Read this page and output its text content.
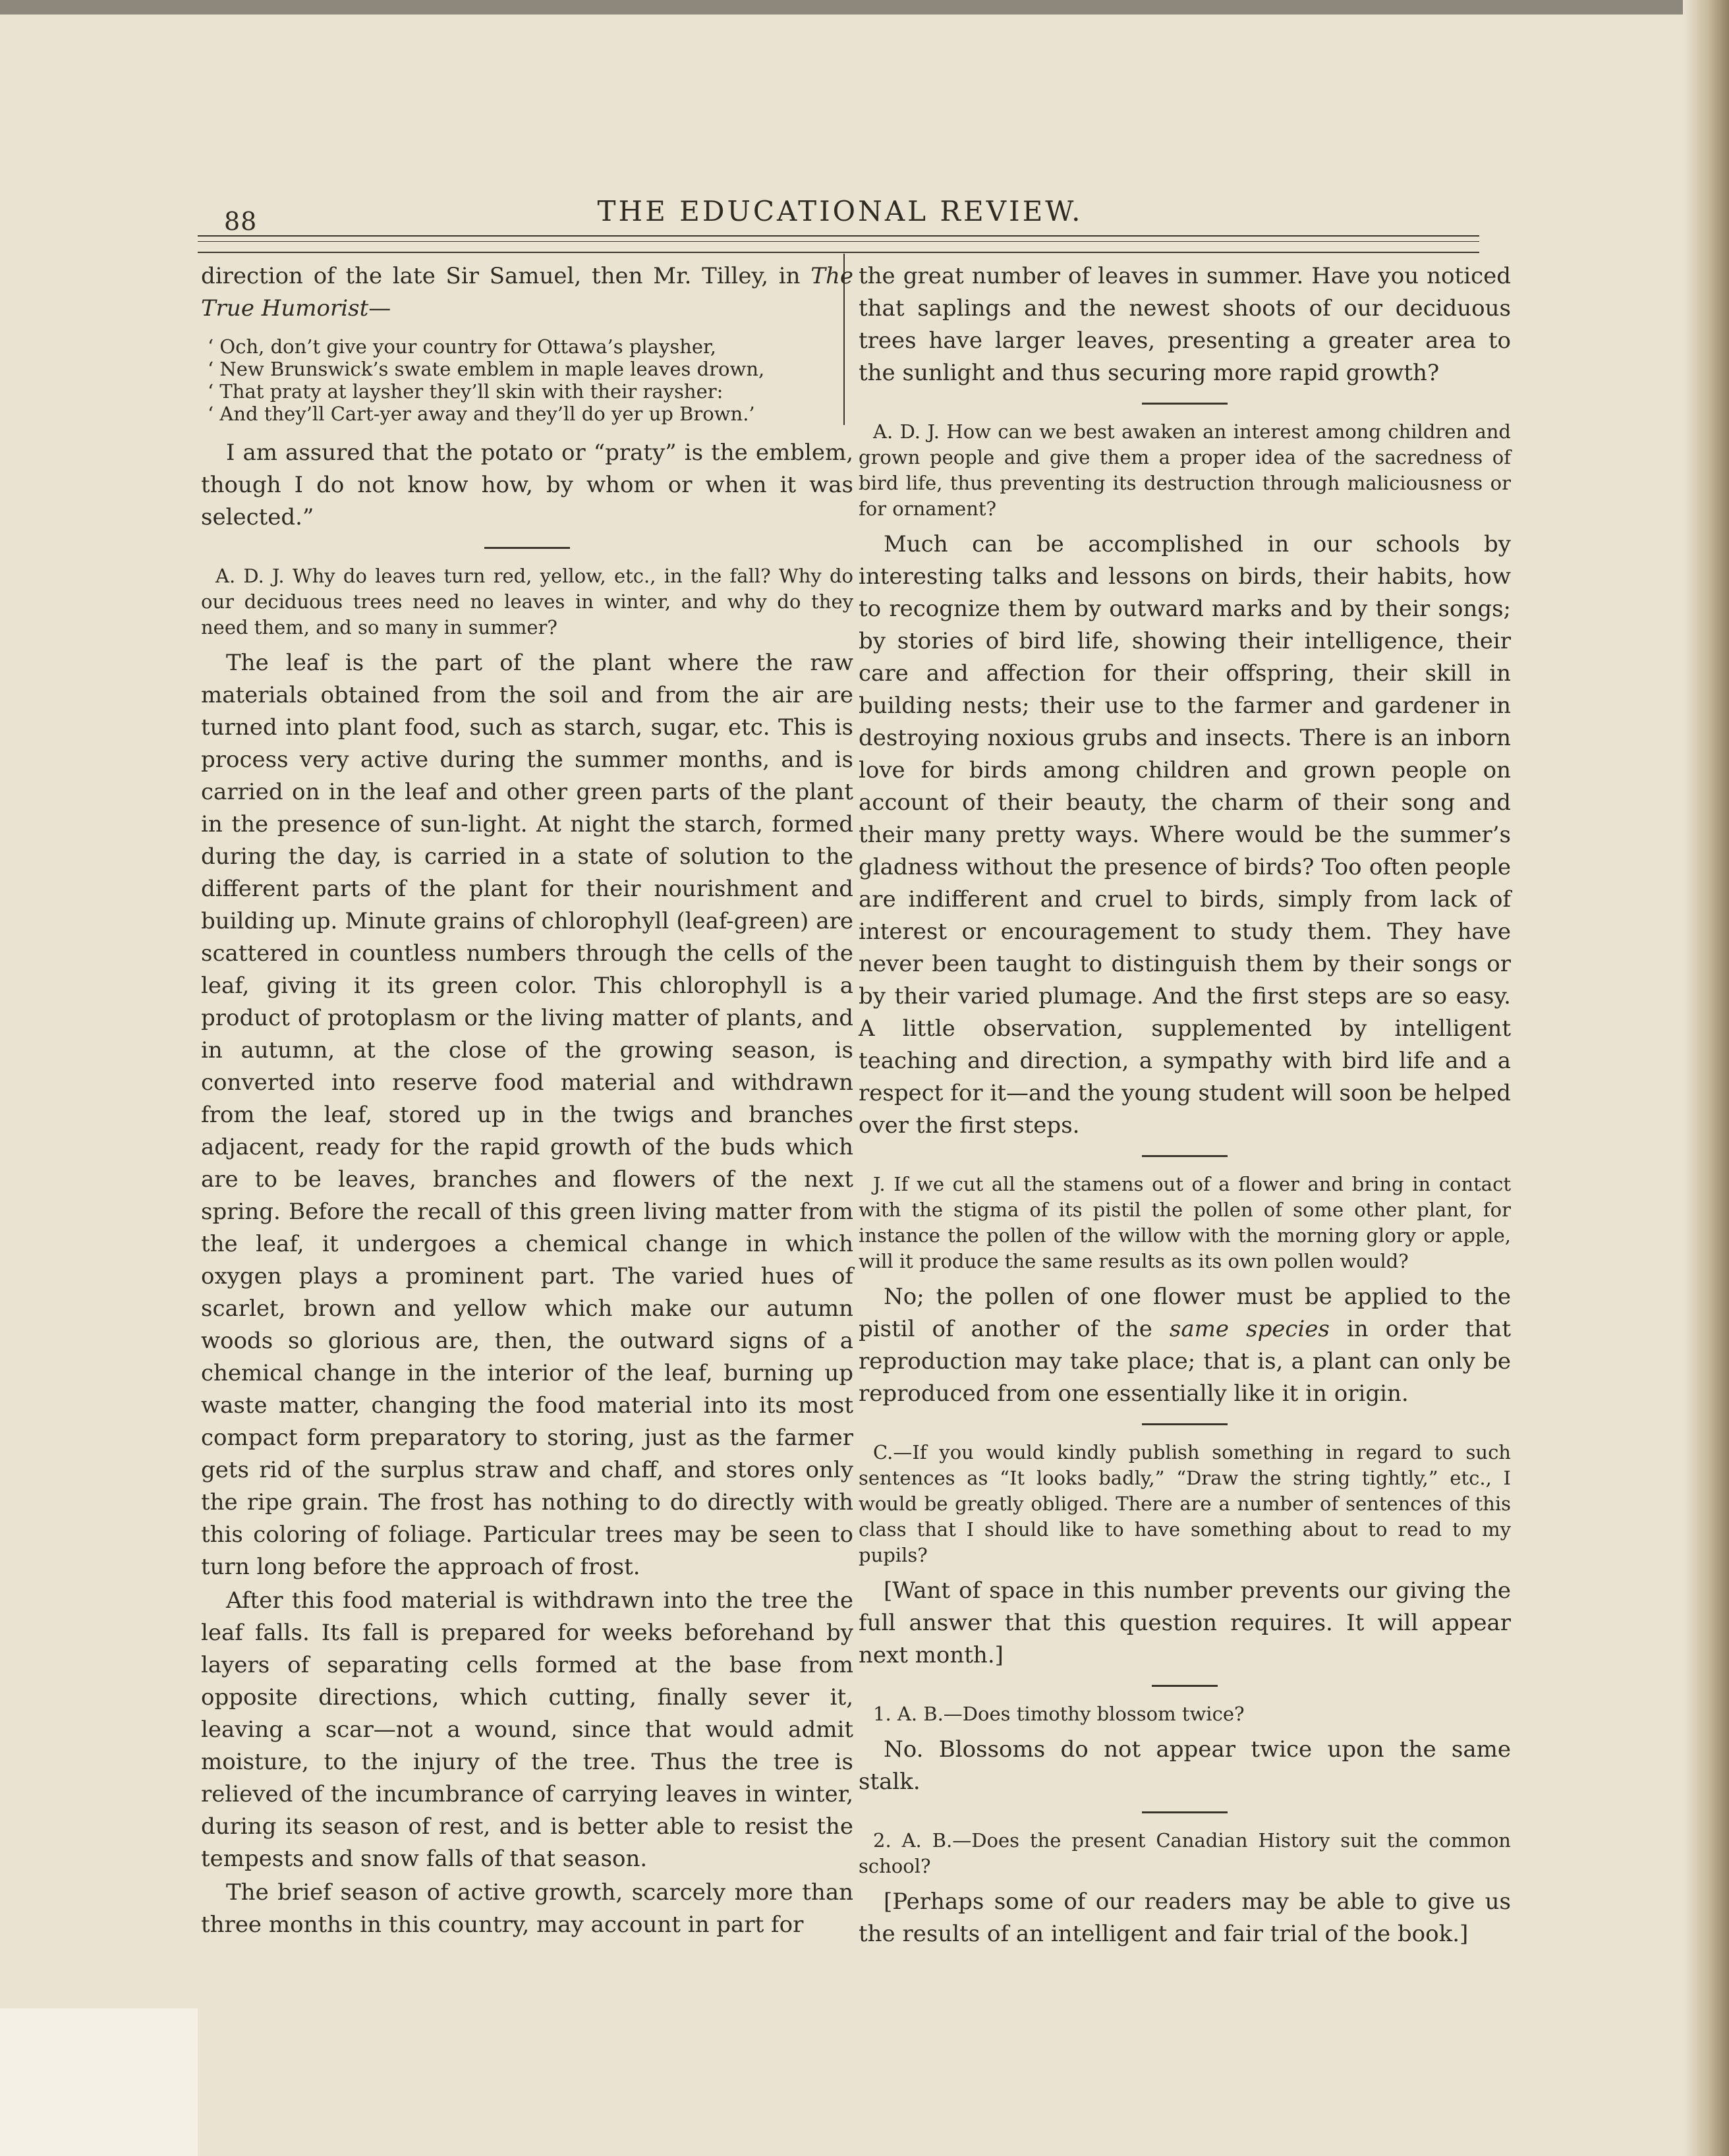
88	THE EDUCATIONAL REVIEW.

direction of the late Sir Samuel, then Mr. Tilley, in The True Humorist—

‘ Och, don’t give your country for Ottawa’s playsher,
‘ New Brunswick’s swate emblem in maple leaves drown,
‘ That praty at laysher they’ll skin with their raysher:
‘ And they’ll Cart-yer away and they’ll do yer up Brown.’

I am assured that the potato or “praty” is the emblem, though I do not know how, by whom or when it was selected.”

A. D. J. Why do leaves turn red, yellow, etc., in the fall? Why do our deciduous trees need no leaves in winter, and why do they need them, and so many in summer?

The leaf is the part of the plant where the raw materials obtained from the soil and from the air are turned into plant food, such as starch, sugar, etc. This is process very active during the summer months, and is carried on in the leaf and other green parts of the plant in the presence of sun-light. At night the starch, formed during the day, is carried in a state of solution to the different parts of the plant for their nourishment and building up. Minute grains of chlorophyll (leaf-green) are scattered in countless numbers through the cells of the leaf, giving it its green color. This chlorophyll is a product of protoplasm or the living matter of plants, and in autumn, at the close of the growing season, is converted into reserve food material and withdrawn from the leaf, stored up in the twigs and branches adjacent, ready for the rapid growth of the buds which are to be leaves, branches and flowers of the next spring. Before the recall of this green living matter from the leaf, it undergoes a chemical change in which oxygen plays a prominent part. The varied hues of scarlet, brown and yellow which make our autumn woods so glorious are, then, the outward signs of a chemical change in the interior of the leaf, burning up waste matter, changing the food material into its most compact form preparatory to storing, just as the farmer gets rid of the surplus straw and chaff, and stores only the ripe grain. The frost has nothing to do directly with this coloring of foliage. Particular trees may be seen to turn long before the approach of frost.

After this food material is withdrawn into the tree the leaf falls. Its fall is prepared for weeks beforehand by layers of separating cells formed at the base from opposite directions, which cutting, finally sever it, leaving a scar—not a wound, since that would admit moisture, to the injury of the tree. Thus the tree is relieved of the incumbrance of carrying leaves in winter, during its season of rest, and is better able to resist the tempests and snow falls of that season.

The brief season of active growth, scarcely more than three months in this country, may account in part for

the great number of leaves in summer. Have you noticed that saplings and the newest shoots of our deciduous trees have larger leaves, presenting a greater area to the sunlight and thus securing more rapid growth?

A. D. J. How can we best awaken an interest among children and grown people and give them a proper idea of the sacredness of bird life, thus preventing its destruction through maliciousness or for ornament?

Much can be accomplished in our schools by interesting talks and lessons on birds, their habits, how to recognize them by outward marks and by their songs; by stories of bird life, showing their intelligence, their care and affection for their offspring, their skill in building nests; their use to the farmer and gardener in destroying noxious grubs and insects. There is an inborn love for birds among children and grown people on account of their beauty, the charm of their song and their many pretty ways. Where would be the summer’s gladness without the presence of birds? Too often people are indifferent and cruel to birds, simply from lack of interest or encouragement to study them. They have never been taught to distinguish them by their songs or by their varied plumage. And the first steps are so easy. A little observation, supplemented by intelligent teaching and direction, a sympathy with bird life and a respect for it—and the young student will soon be helped over the first steps.

J. If we cut all the stamens out of a flower and bring in contact with the stigma of its pistil the pollen of some other plant, for instance the pollen of the willow with the morning glory or apple, will it produce the same results as its own pollen would?

No; the pollen of one flower must be applied to the pistil of another of the same species in order that reproduction may take place; that is, a plant can only be reproduced from one essentially like it in origin.

C.—If you would kindly publish something in regard to such sentences as “It looks badly,” “Draw the string tightly,” etc., I would be greatly obliged. There are a number of sentences of this class that I should like to have something about to read to my pupils?

[Want of space in this number prevents our giving the full answer that this question requires. It will appear next month.]

1. A. B.—Does timothy blossom twice?

No. Blossoms do not appear twice upon the same stalk.

2. A. B.—Does the present Canadian History suit the common school?

[Perhaps some of our readers may be able to give us the results of an intelligent and fair trial of the book.]
